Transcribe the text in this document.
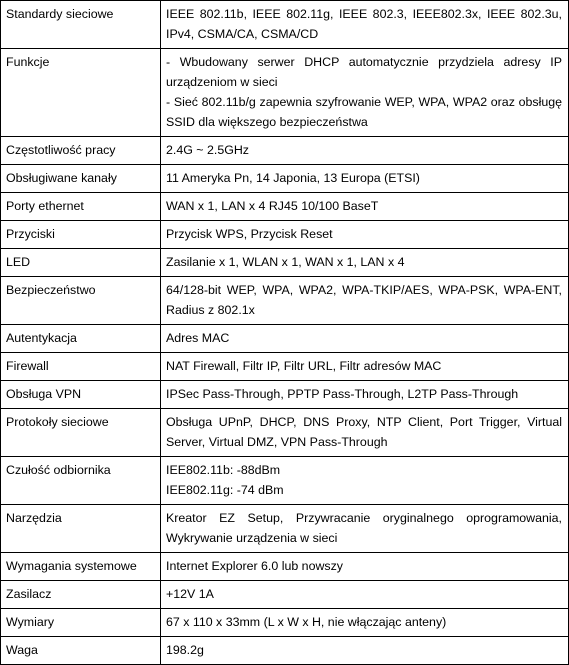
Standardy sieciowe	IEEE 802.11b, IEEE 802.11g, IEEE 802.3, IEEE802.3x, IEEE 802.3u, IPv4, CSMA/CA, CSMA/CD

Funkcje	- Wbudowany serwer DHCP automatycznie przydziela adresy IP urządzeniom w sieci
- Sieć 802.11b/g zapewnia szyfrowanie WEP, WPA, WPA2 oraz obsługę SSID dla większego bezpieczeństwa

Częstotliwość pracy	2.4G ~ 2.5GHz

Obsługiwane kanały	11 Ameryka Pn, 14 Japonia, 13 Europa (ETSI)

Porty ethernet	WAN x 1, LAN x 4 RJ45 10/100 BaseT

Przyciski	Przycisk WPS, Przycisk Reset

LED	Zasilanie x 1, WLAN x 1, WAN x 1, LAN x 4

Bezpieczeństwo	64/128-bit WEP, WPA, WPA2, WPA-TKIP/AES, WPA-PSK, WPA-ENT, Radius z 802.1x

Autentykacja	Adres MAC

Firewall	NAT Firewall, Filtr IP, Filtr URL, Filtr adresów MAC

Obsługa VPN	IPSec Pass-Through, PPTP Pass-Through, L2TP Pass-Through

Protokoły sieciowe	Obsługa UPnP, DHCP, DNS Proxy, NTP Client, Port Trigger, Virtual Server, Virtual DMZ, VPN Pass-Through

Czułość odbiornika	IEE802.11b: -88dBm
IEE802.11g: -74 dBm

Narzędzia	Kreator EZ Setup, Przywracanie oryginalnego oprogramowania, Wykrywanie urządzenia w sieci

Wymagania systemowe	Internet Explorer 6.0 lub nowszy

Zasilacz	+12V 1A

Wymiary	67 x 110 x 33mm (L x W x H, nie włączając anteny)

Waga	198.2g
